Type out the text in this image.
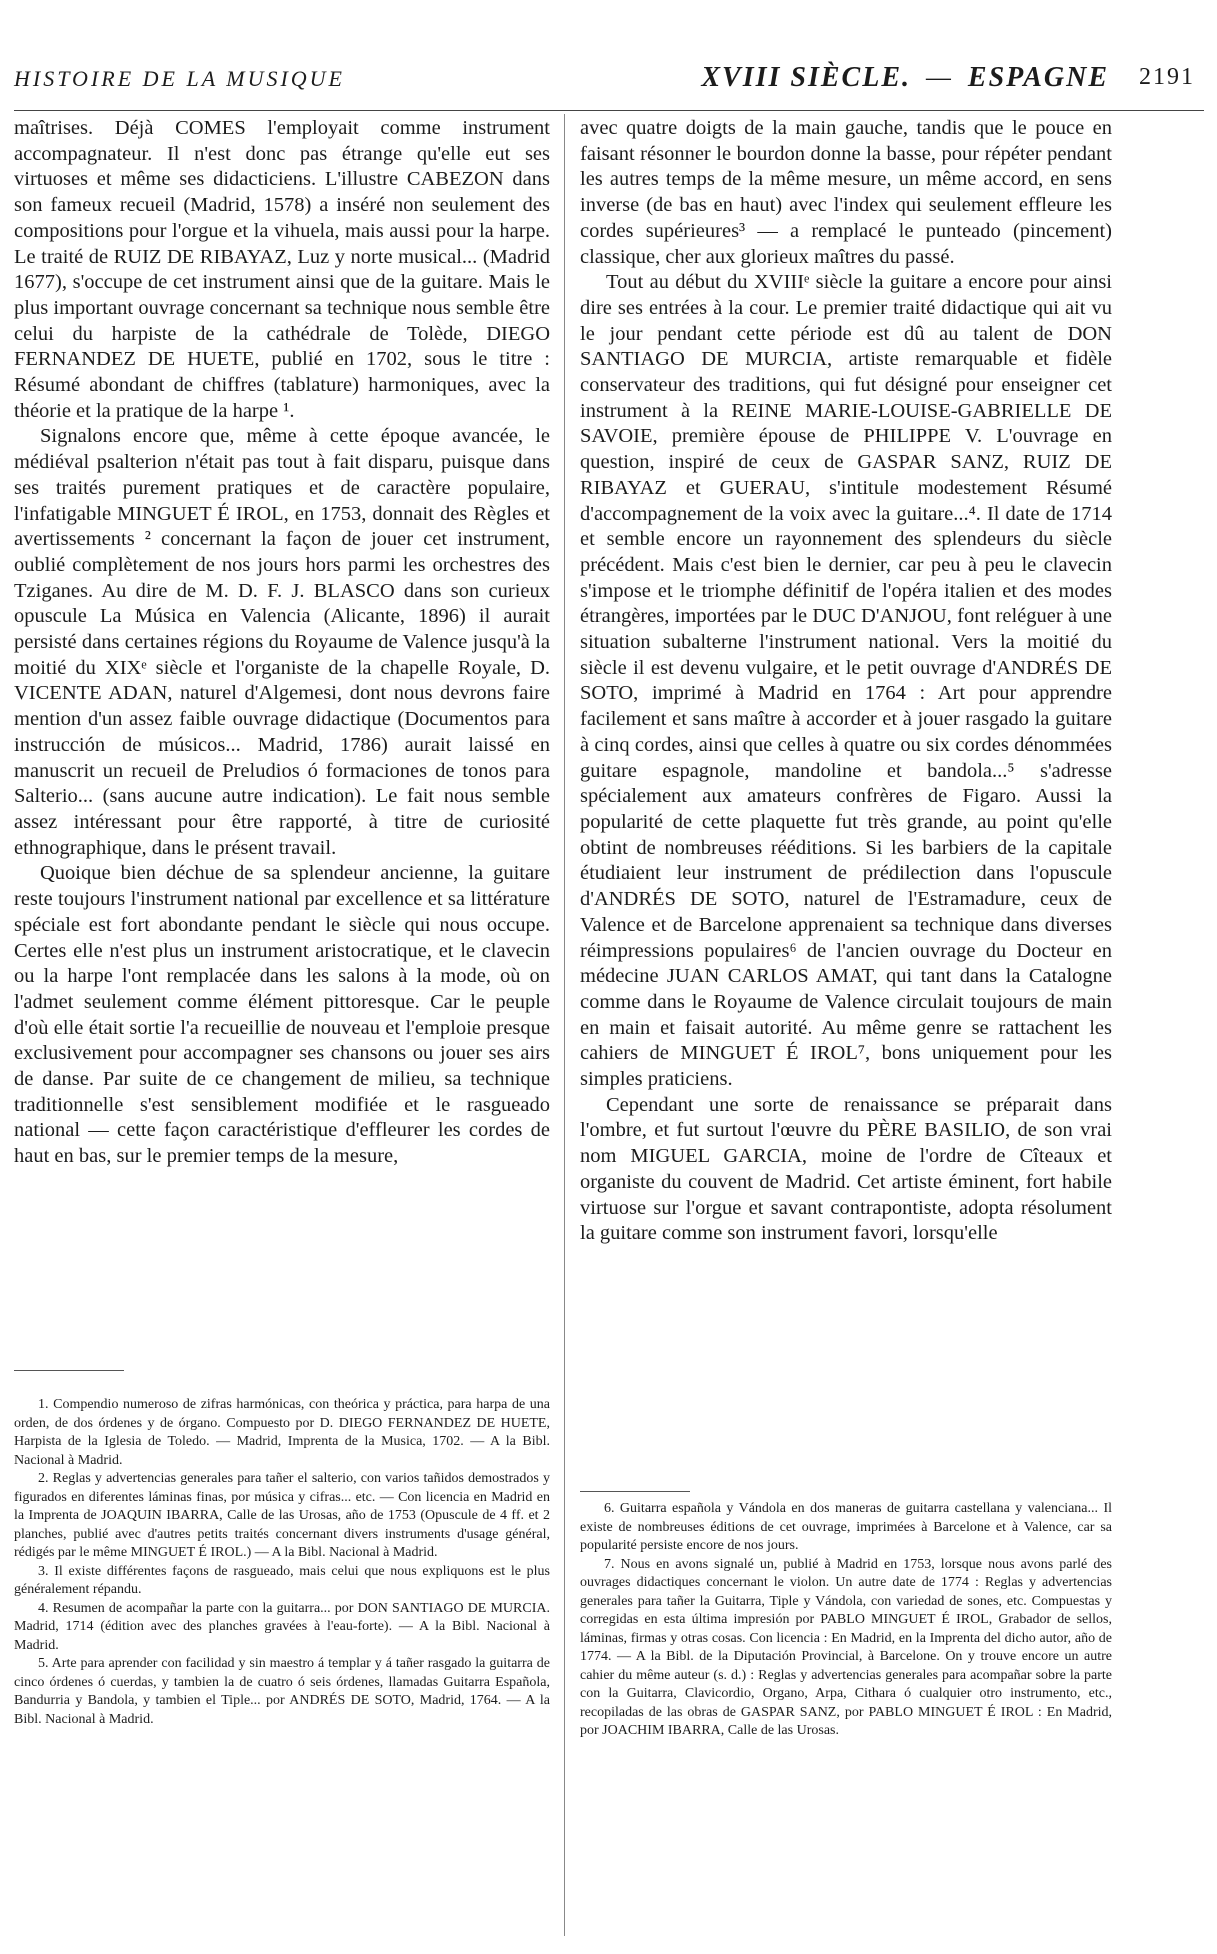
HISTOIRE DE LA MUSIQUE	XVIII SIÈCLE. — ESPAGNE 2191

maîtrises. Déjà COMES l'employait comme instrument accompagnateur. Il n'est donc pas étrange qu'elle eut ses virtuoses et même ses didacticiens. L'illustre CABEZON dans son fameux recueil (Madrid, 1578) a inséré non seulement des compositions pour l'orgue et la vihuela, mais aussi pour la harpe. Le traité de RUIZ DE RIBAYAZ, Luz y norte musical... (Madrid 1677), s'occupe de cet instrument ainsi que de la guitare. Mais le plus important ouvrage concernant sa technique nous semble être celui du harpiste de la cathédrale de Tolède, DIEGO FERNANDEZ DE HUETE, publié en 1702, sous le titre : Résumé abondant de chiffres (tablature) harmoniques, avec la théorie et la pratique de la harpe ¹.

Signalons encore que, même à cette époque avancée, le médiéval psalterion n'était pas tout à fait disparu, puisque dans ses traités purement pratiques et de caractère populaire, l'infatigable MINGUET É IROL, en 1753, donnait des Règles et avertissements ² concernant la façon de jouer cet instrument, oublié complètement de nos jours hors parmi les orchestres des Tziganes. Au dire de M. D. F. J. BLASCO dans son curieux opuscule La Música en Valencia (Alicante, 1896) il aurait persisté dans certaines régions du Royaume de Valence jusqu'à la moitié du XIXᵉ siècle et l'organiste de la chapelle Royale, D. VICENTE ADAN, naturel d'Algemesi, dont nous devrons faire mention d'un assez faible ouvrage didactique (Documentos para instrucción de músicos... Madrid, 1786) aurait laissé en manuscrit un recueil de Preludios ó formaciones de tonos para Salterio... (sans aucune autre indication). Le fait nous semble assez intéressant pour être rapporté, à titre de curiosité ethnographique, dans le présent travail.

Quoique bien déchue de sa splendeur ancienne, la guitare reste toujours l'instrument national par excellence et sa littérature spéciale est fort abondante pendant le siècle qui nous occupe. Certes elle n'est plus un instrument aristocratique, et le clavecin ou la harpe l'ont remplacée dans les salons à la mode, où on l'admet seulement comme élément pittoresque. Car le peuple d'où elle était sortie l'a recueillie de nouveau et l'emploie presque exclusivement pour accompagner ses chansons ou jouer ses airs de danse. Par suite de ce changement de milieu, sa technique traditionnelle s'est sensiblement modifiée et le rasgueado national — cette façon caractéristique d'effleurer les cordes de haut en bas, sur le premier temps de la mesure,

avec quatre doigts de la main gauche, tandis que le pouce en faisant résonner le bourdon donne la basse, pour répéter pendant les autres temps de la même mesure, un même accord, en sens inverse (de bas en haut) avec l'index qui seulement effleure les cordes supérieures³ — a remplacé le punteado (pincement) classique, cher aux glorieux maîtres du passé.

Tout au début du XVIIIᵉ siècle la guitare a encore pour ainsi dire ses entrées à la cour. Le premier traité didactique qui ait vu le jour pendant cette période est dû au talent de DON SANTIAGO DE MURCIA, artiste remarquable et fidèle conservateur des traditions, qui fut désigné pour enseigner cet instrument à la REINE MARIE-LOUISE-GABRIELLE DE SAVOIE, première épouse de PHILIPPE V. L'ouvrage en question, inspiré de ceux de GASPAR SANZ, RUIZ DE RIBAYAZ et GUERAU, s'intitule modestement Résumé d'accompagnement de la voix avec la guitare...⁴. Il date de 1714 et semble encore un rayonnement des splendeurs du siècle précédent. Mais c'est bien le dernier, car peu à peu le clavecin s'impose et le triomphe définitif de l'opéra italien et des modes étrangères, importées par le DUC D'ANJOU, font reléguer à une situation subalterne l'instrument national. Vers la moitié du siècle il est devenu vulgaire, et le petit ouvrage d'ANDRÉS DE SOTO, imprimé à Madrid en 1764 : Art pour apprendre facilement et sans maître à accorder et à jouer rasgado la guitare à cinq cordes, ainsi que celles à quatre ou six cordes dénommées guitare espagnole, mandoline et bandola...⁵ s'adresse spécialement aux amateurs confrères de Figaro. Aussi la popularité de cette plaquette fut très grande, au point qu'elle obtint de nombreuses rééditions. Si les barbiers de la capitale étudiaient leur instrument de prédilection dans l'opuscule d'ANDRÉS DE SOTO, naturel de l'Estramadure, ceux de Valence et de Barcelone apprenaient sa technique dans diverses réimpressions populaires⁶ de l'ancien ouvrage du Docteur en médecine JUAN CARLOS AMAT, qui tant dans la Catalogne comme dans le Royaume de Valence circulait toujours de main en main et faisait autorité. Au même genre se rattachent les cahiers de MINGUET É IROL⁷, bons uniquement pour les simples praticiens.

Cependant une sorte de renaissance se préparait dans l'ombre, et fut surtout l'œuvre du PÈRE BASILIO, de son vrai nom MIGUEL GARCIA, moine de l'ordre de Cîteaux et organiste du couvent de Madrid. Cet artiste éminent, fort habile virtuose sur l'orgue et savant contrapontiste, adopta résolument la guitare comme son instrument favori, lorsqu'elle

1. Compendio numeroso de zifras harmónicas, con theórica y práctica, para harpa de una orden, de dos órdenes y de órgano. Compuesto por D. DIEGO FERNANDEZ DE HUETE, Harpista de la Iglesia de Toledo. — Madrid, Imprenta de la Musica, 1702. — A la Bibl. Nacional à Madrid.

2. Reglas y advertencias generales para tañer el salterio, con varios tañidos demostrados y figurados en diferentes láminas finas, por música y cifras... etc. — Con licencia en Madrid en la Imprenta de JOAQUIN IBARRA, Calle de las Urosas, año de 1753 (Opuscule de 4 ff. et 2 planches, publié avec d'autres petits traités concernant divers instruments d'usage général, rédigés par le même MINGUET É IROL.) — A la Bibl. Nacional à Madrid.

3. Il existe différentes façons de rasgueado, mais celui que nous expliquons est le plus généralement répandu.

4. Resumen de acompañar la parte con la guitarra... por DON SANTIAGO DE MURCIA. Madrid, 1714 (édition avec des planches gravées à l'eau-forte). — A la Bibl. Nacional à Madrid.

5. Arte para aprender con facilidad y sin maestro á templar y á tañer rasgado la guitarra de cinco órdenes ó cuerdas, y tambien la de cuatro ó seis órdenes, llamadas Guitarra Española, Bandurria y Bandola, y tambien el Tiple... por ANDRÉS DE SOTO, Madrid, 1764. — A la Bibl. Nacional à Madrid.

6. Guitarra española y Vándola en dos maneras de guitarra castellana y valenciana... Il existe de nombreuses éditions de cet ouvrage, imprimées à Barcelone et à Valence, car sa popularité persiste encore de nos jours.

7. Nous en avons signalé un, publié à Madrid en 1753, lorsque nous avons parlé des ouvrages didactiques concernant le violon. Un autre date de 1774 : Reglas y advertencias generales para tañer la Guitarra, Tiple y Vándola, con variedad de sones, etc. Compuestas y corregidas en esta última impresión por PABLO MINGUET É IROL, Grabador de sellos, láminas, firmas y otras cosas. Con licencia : En Madrid, en la Imprenta del dicho autor, año de 1774. — A la Bibl. de la Diputación Provincial, à Barcelone. On y trouve encore un autre cahier du même auteur (s. d.) : Reglas y advertencias generales para acompañar sobre la parte con la Guitarra, Clavicordio, Organo, Arpa, Cithara ó cualquier otro instrumento, etc., recopiladas de las obras de GASPAR SANZ, por PABLO MINGUET É IROL : En Madrid, por JOACHIM IBARRA, Calle de las Urosas.
